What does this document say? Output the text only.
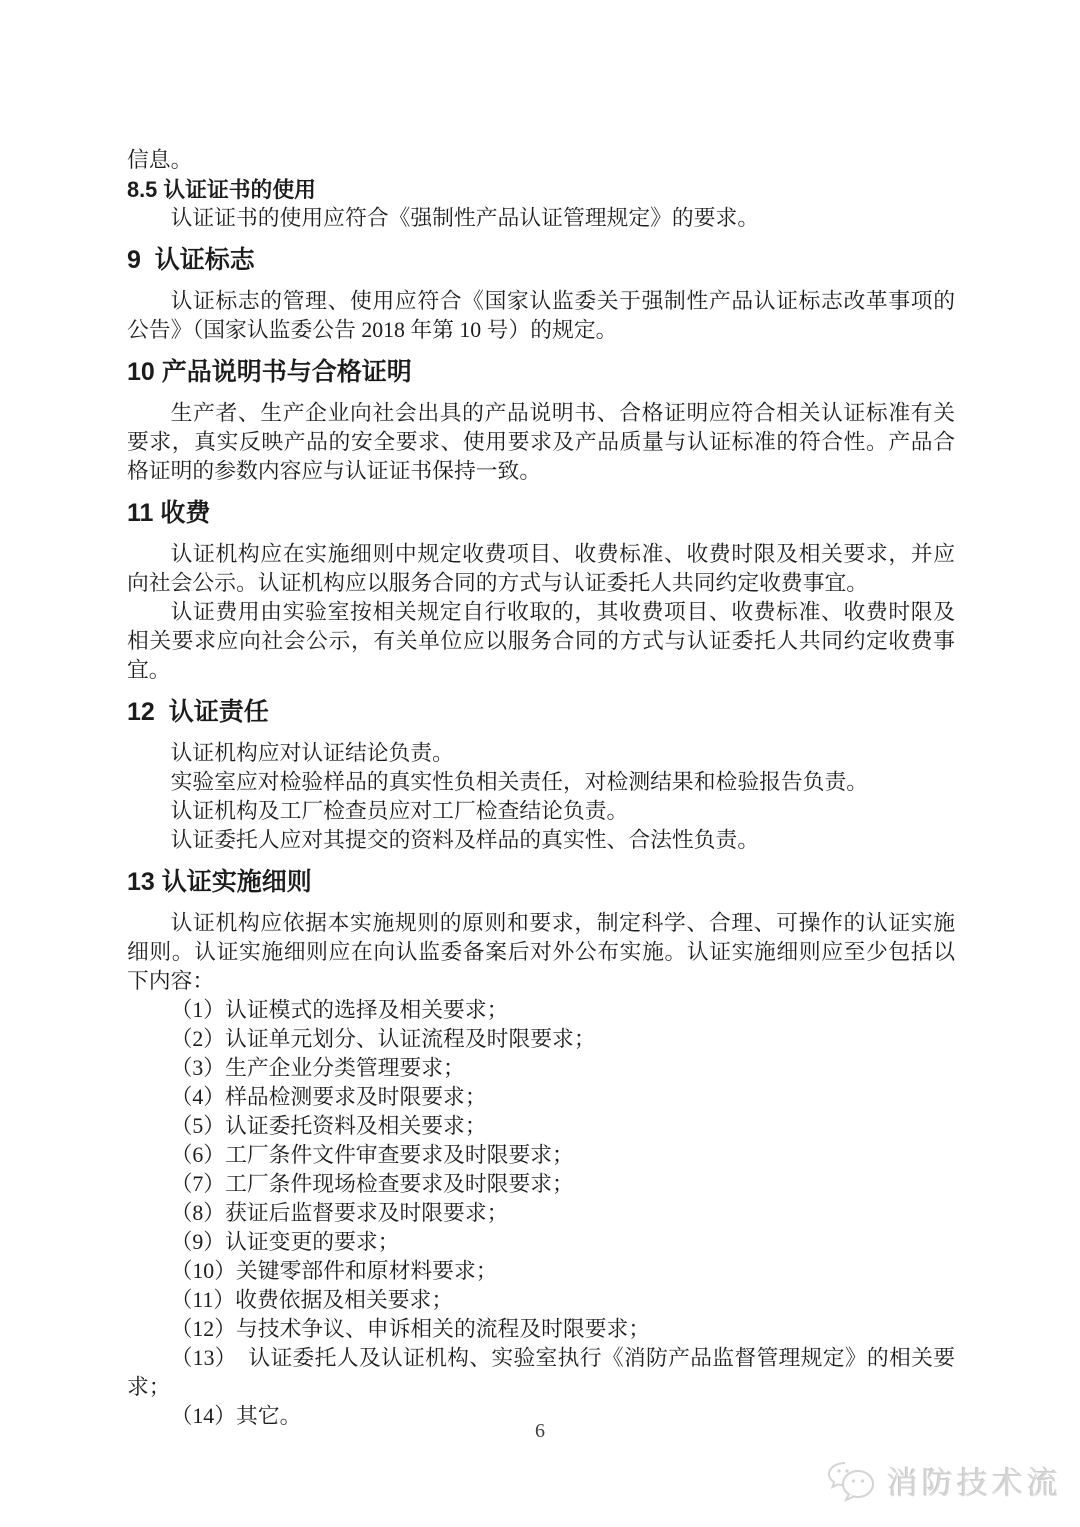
信息。
8.5 认证证书的使用
认证证书的使用应符合《强制性产品认证管理规定》的要求。
9  认证标志
认证标志的管理、使用应符合《国家认监委关于强制性产品认证标志改革事项的公告》（国家认监委公告 2018 年第 10 号）的规定。
10 产品说明书与合格证明
生产者、生产企业向社会出具的产品说明书、合格证明应符合相关认证标准有关要求，真实反映产品的安全要求、使用要求及产品质量与认证标准的符合性。产品合格证明的参数内容应与认证证书保持一致。
11 收费
认证机构应在实施细则中规定收费项目、收费标准、收费时限及相关要求，并应向社会公示。认证机构应以服务合同的方式与认证委托人共同约定收费事宜。
认证费用由实验室按相关规定自行收取的，其收费项目、收费标准、收费时限及相关要求应向社会公示，有关单位应以服务合同的方式与认证委托人共同约定收费事宜。
12  认证责任
认证机构应对认证结论负责。
实验室应对检验样品的真实性负相关责任，对检测结果和检验报告负责。
认证机构及工厂检查员应对工厂检查结论负责。
认证委托人应对其提交的资料及样品的真实性、合法性负责。
13 认证实施细则
认证机构应依据本实施规则的原则和要求，制定科学、合理、可操作的认证实施细则。认证实施细则应在向认监委备案后对外公布实施。认证实施细则应至少包括以下内容：
（1）认证模式的选择及相关要求；
（2）认证单元划分、认证流程及时限要求；
（3）生产企业分类管理要求；
（4）样品检测要求及时限要求；
（5）认证委托资料及相关要求；
（6）工厂条件文件审查要求及时限要求；
（7）工厂条件现场检查要求及时限要求；
（8）获证后监督要求及时限要求；
（9）认证变更的要求；
（10）关键零部件和原材料要求；
（11）收费依据及相关要求；
（12）与技术争议、申诉相关的流程及时限要求；
（13）  认证委托人及认证机构、实验室执行《消防产品监督管理规定》的相关要求；
（14）其它。
6
消防技术流
